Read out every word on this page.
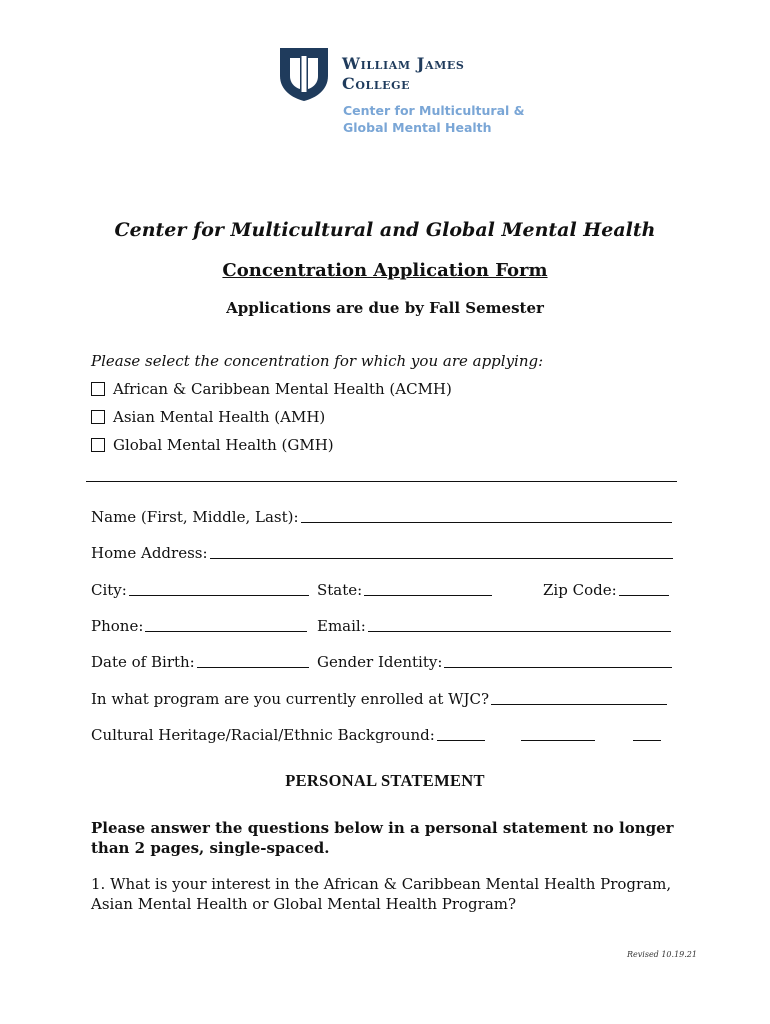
William James
College
Center for Multicultural &
Global Mental Health
Center for Multicultural and Global Mental Health
Concentration Application Form
Applications are due by Fall Semester
Please select the concentration for which you are applying:
African & Caribbean Mental Health (ACMH)
Asian Mental Health (AMH)
Global Mental Health (GMH)
Name (First, Middle, Last):
Home Address:
City:	State:	Zip Code:
Phone:	Email:
Date of Birth:	Gender Identity:
In what program are you currently enrolled at WJC?
Cultural Heritage/Racial/Ethnic Background:
PERSONAL STATEMENT
Please answer the questions below in a personal statement no longer than 2 pages, single-spaced.
1. What is your interest in the African & Caribbean Mental Health Program, Asian Mental Health or Global Mental Health Program?
Revised 10.19.21
